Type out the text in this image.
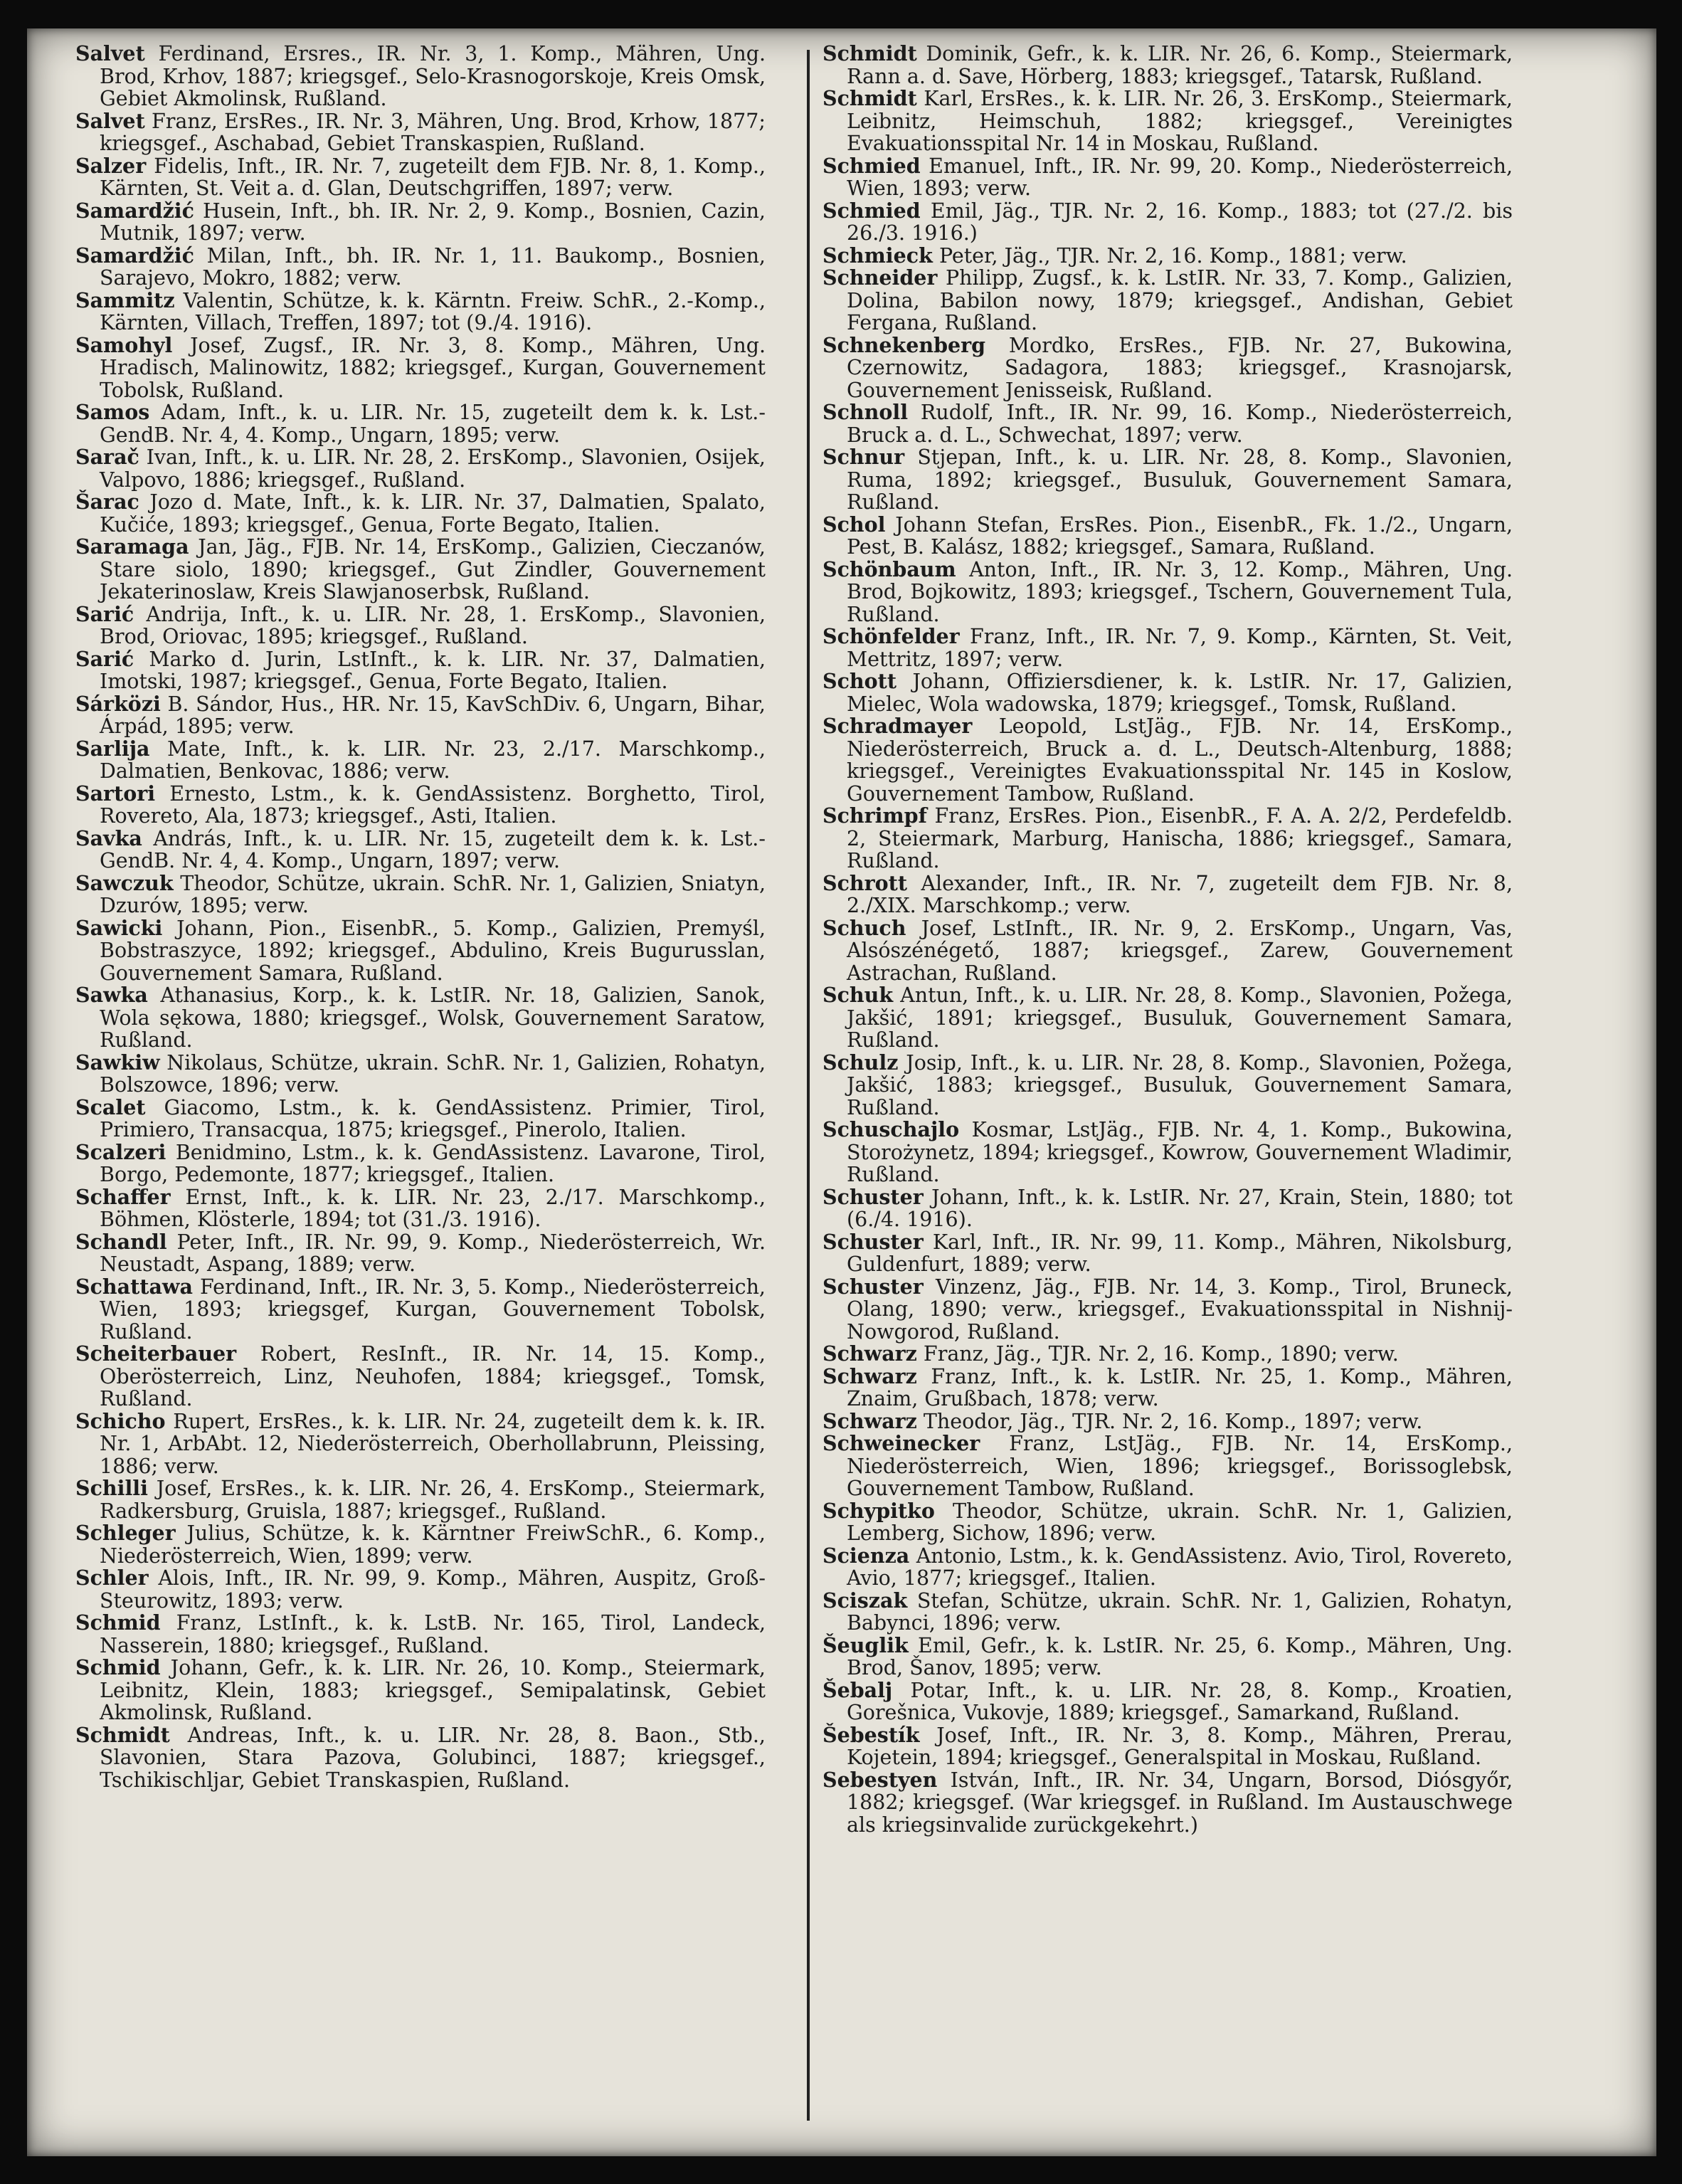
Salvet Ferdinand, Ersres., IR. Nr. 3, 1. Komp., Mähren, Ung. Brod, Krhov, 1887; kriegsgef., Selo-Krasnogorskoje, Kreis Omsk, Gebiet Akmolinsk, Rußland.

Salvet Franz, ErsRes., IR. Nr. 3, Mähren, Ung. Brod, Krhow, 1877; kriegsgef., Aschabad, Gebiet Transkaspien, Rußland.

Salzer Fidelis, Inft., IR. Nr. 7, zugeteilt dem FJB. Nr. 8, 1. Komp., Kärnten, St. Veit a. d. Glan, Deutschgriffen, 1897; verw.

Samardžić Husein, Inft., bh. IR. Nr. 2, 9. Komp., Bosnien, Cazin, Mutnik, 1897; verw.

Samardžić Milan, Inft., bh. IR. Nr. 1, 11. Baukomp., Bosnien, Sarajevo, Mokro, 1882; verw.

Sammitz Valentin, Schütze, k. k. Kärntn. Freiw. SchR., 2.-Komp., Kärnten, Villach, Treffen, 1897; tot (9./4. 1916).

Samohyl Josef, Zugsf., IR. Nr. 3, 8. Komp., Mähren, Ung. Hradisch, Malinowitz, 1882; kriegsgef., Kurgan, Gouvernement Tobolsk, Rußland.

Samos Adam, Inft., k. u. LIR. Nr. 15, zugeteilt dem k. k. Lst.-GendB. Nr. 4, 4. Komp., Ungarn, 1895; verw.

Sarač Ivan, Inft., k. u. LIR. Nr. 28, 2. ErsKomp., Slavonien, Osijek, Valpovo, 1886; kriegsgef., Rußland.

Šarac Jozo d. Mate, Inft., k. k. LIR. Nr. 37, Dalmatien, Spalato, Kučiće, 1893; kriegsgef., Genua, Forte Begato, Italien.

Saramaga Jan, Jäg., FJB. Nr. 14, ErsKomp., Galizien, Cieczanów, Stare siolo, 1890; kriegsgef., Gut Zindler, Gouvernement Jekaterinoslaw, Kreis Slawjanoserbsk, Rußland.

Sarić Andrija, Inft., k. u. LIR. Nr. 28, 1. ErsKomp., Slavonien, Brod, Oriovac, 1895; kriegsgef., Rußland.

Sarić Marko d. Jurin, LstInft., k. k. LIR. Nr. 37, Dalmatien, Imotski, 1987; kriegsgef., Genua, Forte Begato, Italien.

Sárközi B. Sándor, Hus., HR. Nr. 15, KavSchDiv. 6, Ungarn, Bihar, Árpád, 1895; verw.

Sarlija Mate, Inft., k. k. LIR. Nr. 23, 2./17. Marschkomp., Dalmatien, Benkovac, 1886; verw.

Sartori Ernesto, Lstm., k. k. GendAssistenz. Borghetto, Tirol, Rovereto, Ala, 1873; kriegsgef., Asti, Italien.

Savka András, Inft., k. u. LIR. Nr. 15, zugeteilt dem k. k. Lst.-GendB. Nr. 4, 4. Komp., Ungarn, 1897; verw.

Sawczuk Theodor, Schütze, ukrain. SchR. Nr. 1, Galizien, Sniatyn, Dzurów, 1895; verw.

Sawicki Johann, Pion., EisenbR., 5. Komp., Galizien, Premyśl, Bobstraszyce, 1892; kriegsgef., Abdulino, Kreis Bugurusslan, Gouvernement Samara, Rußland.

Sawka Athanasius, Korp., k. k. LstIR. Nr. 18, Galizien, Sanok, Wola sękowa, 1880; kriegsgef., Wolsk, Gouvernement Saratow, Rußland.

Sawkiw Nikolaus, Schütze, ukrain. SchR. Nr. 1, Galizien, Rohatyn, Bolszowce, 1896; verw.

Scalet Giacomo, Lstm., k. k. GendAssistenz. Primier, Tirol, Primiero, Transacqua, 1875; kriegsgef., Pinerolo, Italien.

Scalzeri Benidmino, Lstm., k. k. GendAssistenz. Lavarone, Tirol, Borgo, Pedemonte, 1877; kriegsgef., Italien.

Schaffer Ernst, Inft., k. k. LIR. Nr. 23, 2./17. Marschkomp., Böhmen, Klösterle, 1894; tot (31./3. 1916).

Schandl Peter, Inft., IR. Nr. 99, 9. Komp., Niederösterreich, Wr. Neustadt, Aspang, 1889; verw.

Schattawa Ferdinand, Inft., IR. Nr. 3, 5. Komp., Niederösterreich, Wien, 1893; kriegsgef, Kurgan, Gouvernement Tobolsk, Rußland.

Scheiterbauer Robert, ResInft., IR. Nr. 14, 15. Komp., Oberösterreich, Linz, Neuhofen, 1884; kriegsgef., Tomsk, Rußland.

Schicho Rupert, ErsRes., k. k. LIR. Nr. 24, zugeteilt dem k. k. IR. Nr. 1, ArbAbt. 12, Niederösterreich, Oberhollabrunn, Pleissing, 1886; verw.

Schilli Josef, ErsRes., k. k. LIR. Nr. 26, 4. ErsKomp., Steiermark, Radkersburg, Gruisla, 1887; kriegsgef., Rußland.

Schleger Julius, Schütze, k. k. Kärntner FreiwSchR., 6. Komp., Niederösterreich, Wien, 1899; verw.

Schler Alois, Inft., IR. Nr. 99, 9. Komp., Mähren, Auspitz, Groß-Steurowitz, 1893; verw.

Schmid Franz, LstInft., k. k. LstB. Nr. 165, Tirol, Landeck, Nasserein, 1880; kriegsgef., Rußland.

Schmid Johann, Gefr., k. k. LIR. Nr. 26, 10. Komp., Steiermark, Leibnitz, Klein, 1883; kriegsgef., Semipalatinsk, Gebiet Akmolinsk, Rußland.

Schmidt Andreas, Inft., k. u. LIR. Nr. 28, 8. Baon., Stb., Slavonien, Stara Pazova, Golubinci, 1887; kriegsgef., Tschikischljar, Gebiet Transkaspien, Rußland.

Schmidt Dominik, Gefr., k. k. LIR. Nr. 26, 6. Komp., Steiermark, Rann a. d. Save, Hörberg, 1883; kriegsgef., Tatarsk, Rußland.

Schmidt Karl, ErsRes., k. k. LIR. Nr. 26, 3. ErsKomp., Steiermark, Leibnitz, Heimschuh, 1882; kriegsgef., Vereinigtes Evakuationsspital Nr. 14 in Moskau, Rußland.

Schmied Emanuel, Inft., IR. Nr. 99, 20. Komp., Niederösterreich, Wien, 1893; verw.

Schmied Emil, Jäg., TJR. Nr. 2, 16. Komp., 1883; tot (27./2. bis 26./3. 1916.)

Schmieck Peter, Jäg., TJR. Nr. 2, 16. Komp., 1881; verw.

Schneider Philipp, Zugsf., k. k. LstIR. Nr. 33, 7. Komp., Galizien, Dolina, Babilon nowy, 1879; kriegsgef., Andishan, Gebiet Fergana, Rußland.

Schnekenberg Mordko, ErsRes., FJB. Nr. 27, Bukowina, Czernowitz, Sadagora, 1883; kriegsgef., Krasnojarsk, Gouvernement Jenisseisk, Rußland.

Schnoll Rudolf, Inft., IR. Nr. 99, 16. Komp., Niederösterreich, Bruck a. d. L., Schwechat, 1897; verw.

Schnur Stjepan, Inft., k. u. LIR. Nr. 28, 8. Komp., Slavonien, Ruma, 1892; kriegsgef., Busuluk, Gouvernement Samara, Rußland.

Schol Johann Stefan, ErsRes. Pion., EisenbR., Fk. 1./2., Ungarn, Pest, B. Kalász, 1882; kriegsgef., Samara, Rußland.

Schönbaum Anton, Inft., IR. Nr. 3, 12. Komp., Mähren, Ung. Brod, Bojkowitz, 1893; kriegsgef., Tschern, Gouvernement Tula, Rußland.

Schönfelder Franz, Inft., IR. Nr. 7, 9. Komp., Kärnten, St. Veit, Mettritz, 1897; verw.

Schott Johann, Offiziersdiener, k. k. LstIR. Nr. 17, Galizien, Mielec, Wola wadowska, 1879; kriegsgef., Tomsk, Rußland.

Schradmayer Leopold, LstJäg., FJB. Nr. 14, ErsKomp., Niederösterreich, Bruck a. d. L., Deutsch-Altenburg, 1888; kriegsgef., Vereinigtes Evakuationsspital Nr. 145 in Koslow, Gouvernement Tambow, Rußland.

Schrimpf Franz, ErsRes. Pion., EisenbR., F. A. A. 2/2, Perdefeldb. 2, Steiermark, Marburg, Hanischa, 1886; kriegsgef., Samara, Rußland.

Schrott Alexander, Inft., IR. Nr. 7, zugeteilt dem FJB. Nr. 8, 2./XIX. Marschkomp.; verw.

Schuch Josef, LstInft., IR. Nr. 9, 2. ErsKomp., Ungarn, Vas, Alsószénégető, 1887; kriegsgef., Zarew, Gouvernement Astrachan, Rußland.

Schuk Antun, Inft., k. u. LIR. Nr. 28, 8. Komp., Slavonien, Požega, Jakšić, 1891; kriegsgef., Busuluk, Gouvernement Samara, Rußland.

Schulz Josip, Inft., k. u. LIR. Nr. 28, 8. Komp., Slavonien, Požega, Jakšić, 1883; kriegsgef., Busuluk, Gouvernement Samara, Rußland.

Schuschajlo Kosmar, LstJäg., FJB. Nr. 4, 1. Komp., Bukowina, Storożynetz, 1894; kriegsgef., Kowrow, Gouvernement Wladimir, Rußland.

Schuster Johann, Inft., k. k. LstIR. Nr. 27, Krain, Stein, 1880; tot (6./4. 1916).

Schuster Karl, Inft., IR. Nr. 99, 11. Komp., Mähren, Nikolsburg, Guldenfurt, 1889; verw.

Schuster Vinzenz, Jäg., FJB. Nr. 14, 3. Komp., Tirol, Bruneck, Olang, 1890; verw., kriegsgef., Evakuationsspital in Nishnij-Nowgorod, Rußland.

Schwarz Franz, Jäg., TJR. Nr. 2, 16. Komp., 1890; verw.

Schwarz Franz, Inft., k. k. LstIR. Nr. 25, 1. Komp., Mähren, Znaim, Grußbach, 1878; verw.

Schwarz Theodor, Jäg., TJR. Nr. 2, 16. Komp., 1897; verw.

Schweinecker Franz, LstJäg., FJB. Nr. 14, ErsKomp., Niederösterreich, Wien, 1896; kriegsgef., Borissoglebsk, Gouvernement Tambow, Rußland.

Schypitko Theodor, Schütze, ukrain. SchR. Nr. 1, Galizien, Lemberg, Sichow, 1896; verw.

Scienza Antonio, Lstm., k. k. GendAssistenz. Avio, Tirol, Rovereto, Avio, 1877; kriegsgef., Italien.

Sciszak Stefan, Schütze, ukrain. SchR. Nr. 1, Galizien, Rohatyn, Babynci, 1896; verw.

Šeuglik Emil, Gefr., k. k. LstIR. Nr. 25, 6. Komp., Mähren, Ung. Brod, Šanov, 1895; verw.

Šebalj Potar, Inft., k. u. LIR. Nr. 28, 8. Komp., Kroatien, Gorešnica, Vukovje, 1889; kriegsgef., Samarkand, Rußland.

Šebestík Josef, Inft., IR. Nr. 3, 8. Komp., Mähren, Prerau, Kojetein, 1894; kriegsgef., Generalspital in Moskau, Rußland.

Sebestyen István, Inft., IR. Nr. 34, Ungarn, Borsod, Diósgyőr, 1882; kriegsgef. (War kriegsgef. in Rußland. Im Austauschwege als kriegsinvalide zurückgekehrt.)
